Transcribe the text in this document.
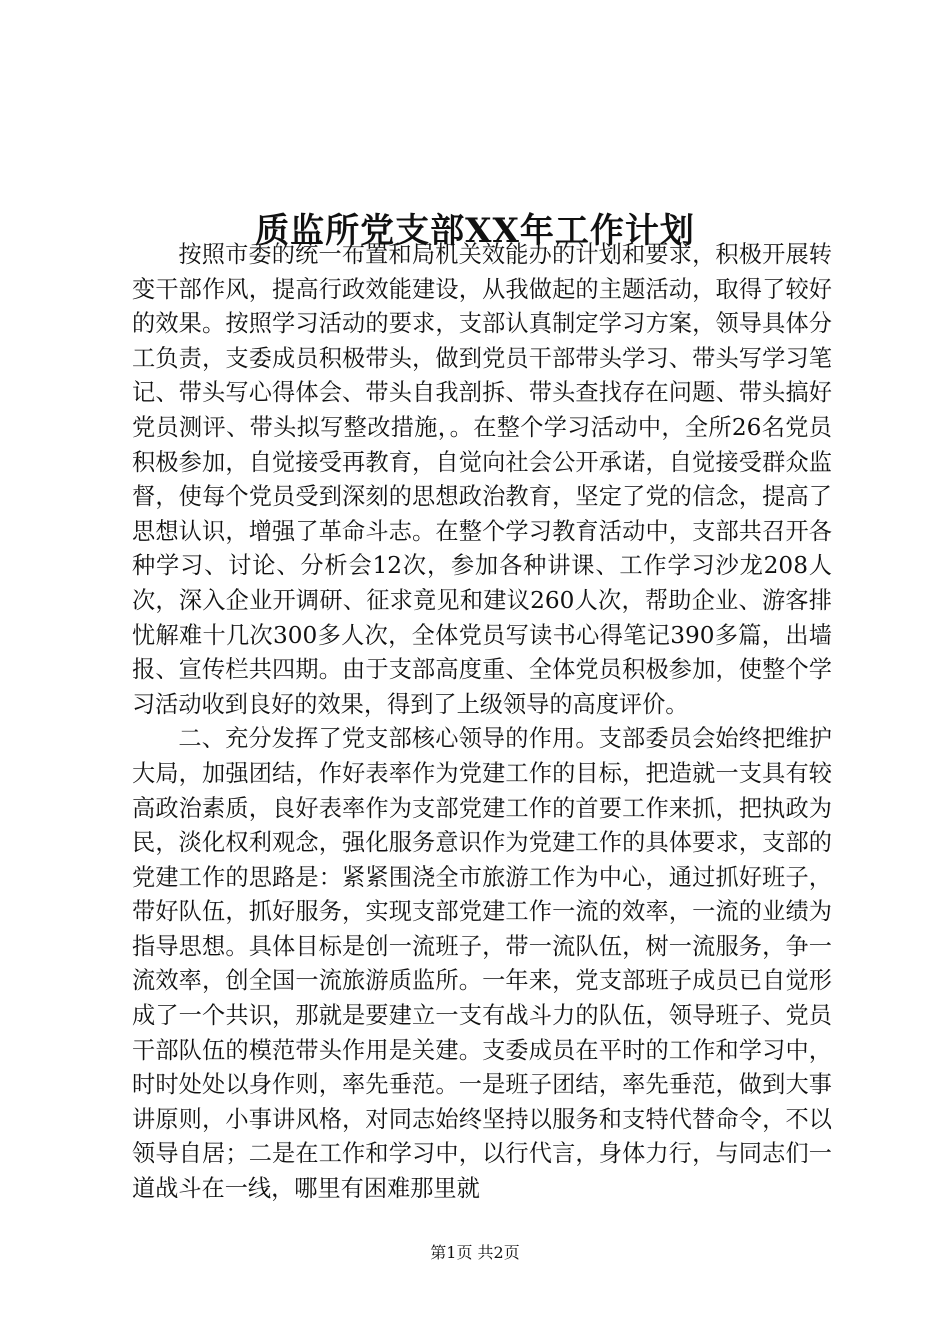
质监所党支部XX年工作计划

按照市委的统一布置和局机关效能办的计划和要求，积极开展转变干部作风，提高行政效能建设，从我做起的主题活动，取得了较好的效果。按照学习活动的要求，支部认真制定学习方案，领导具体分工负责，支委成员积极带头，做到党员干部带头学习、带头写学习笔记、带头写心得体会、带头自我剖拆、带头查找存在问题、带头搞好党员测评、带头拟写整改措施，。在整个学习活动中，全所26名党员积极参加，自觉接受再教育，自觉向社会公开承诺，自觉接受群众监督，使每个党员受到深刻的思想政治教育，坚定了党的信念，提高了思想认识，增强了革命斗志。在整个学习教育活动中，支部共召开各种学习、讨论、分析会12次，参加各种讲课、工作学习沙龙208人次，深入企业开调研、征求竟见和建议260人次，帮助企业、游客排忧解难十几次300多人次，全体党员写读书心得笔记390多篇，出墙报、宣传栏共四期。由于支部高度重、全体党员积极参加，使整个学习活动收到良好的效果，得到了上级领导的高度评价。

二、充分发挥了党支部核心领导的作用。支部委员会始终把维护大局，加强团结，作好表率作为党建工作的目标，把造就一支具有较高政治素质，良好表率作为支部党建工作的首要工作来抓，把执政为民，淡化权利观念，强化服务意识作为党建工作的具体要求，支部的党建工作的思路是：紧紧围浇全市旅游工作为中心，通过抓好班子，带好队伍，抓好服务，实现支部党建工作一流的效率，一流的业绩为指导思想。具体目标是创一流班子，带一流队伍，树一流服务，争一流效率，创全国一流旅游质监所。一年来，党支部班子成员已自觉形成了一个共识，那就是要建立一支有战斗力的队伍，领导班子、党员干部队伍的模范带头作用是关建。支委成员在平时的工作和学习中，时时处处以身作则，率先垂范。一是班子团结，率先垂范，做到大事讲原则，小事讲风格，对同志始终坚持以服务和支特代替命令，不以领导自居；二是在工作和学习中，以行代言，身体力行，与同志们一道战斗在一线，哪里有困难那里就

第1页 共2页
